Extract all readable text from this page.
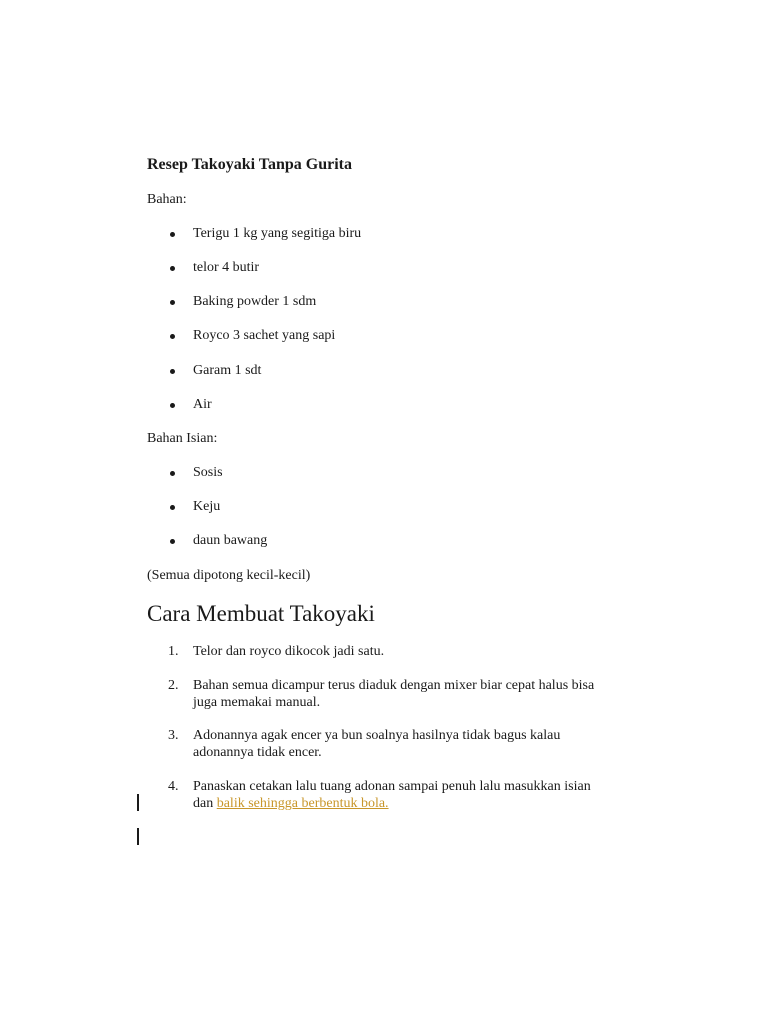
Resep Takoyaki Tanpa Gurita
Bahan:
Terigu 1 kg yang segitiga biru
telor 4 butir
Baking powder 1 sdm
Royco 3 sachet yang sapi
Garam 1 sdt
Air
Bahan Isian:
Sosis
Keju
daun bawang
(Semua dipotong kecil-kecil)
Cara Membuat Takoyaki
1.	Telor dan royco dikocok jadi satu.
2.	Bahan semua dicampur terus diaduk dengan mixer biar cepat halus bisa
juga memakai manual.
3.	Adonannya agak encer ya bun soalnya hasilnya tidak bagus kalau
adonannya tidak encer.
4.	Panaskan cetakan lalu tuang adonan sampai penuh lalu masukkan isian
dan balik sehingga berbentuk bola.
